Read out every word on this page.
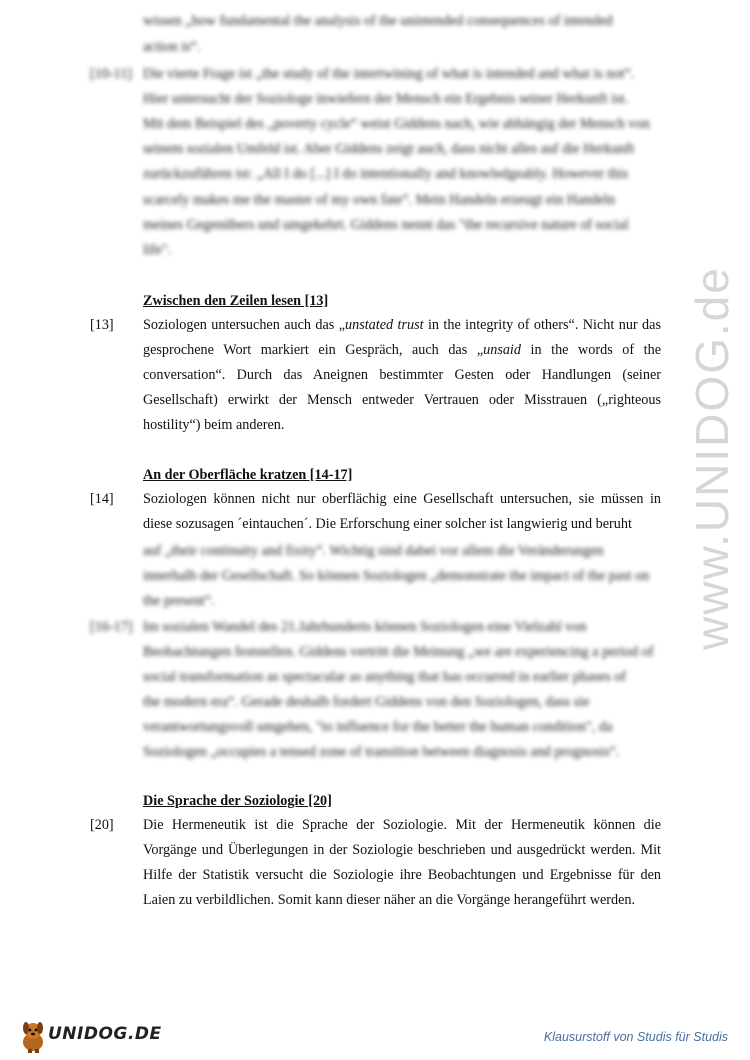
wissen „how fundamental the analysis of the unintended consequences of intended
action is“.
[10-11] Die vierte Frage ist „the study of the intertwining of what is intended and what is not“.
Hier untersucht der Soziologe inwiefern der Mensch ein Ergebnis seiner Herkunft ist.
Mit dem Beispiel des „poverty cycle“ weist Giddens nach, wie abhängig der Mensch von
seinem sozialen Umfeld ist. Aber Giddens zeigt auch, dass nicht alles auf die Herkunft
zurückzuführen ist: „All I do [...] I do intentionally and knowledgeably. However this
scarcely makes me the master of my own fate“. Mein Handeln erzeugt ein Handeln
meines Gegenübers und umgekehrt. Giddens nennt das "the recursive nature of social
life".
Zwischen den Zeilen lesen [13]
[13] Soziologen untersuchen auch das „unstated trust in the integrity of others“. Nicht nur das gesprochene Wort markiert ein Gespräch, auch das „unsaid in the words of the conversation“. Durch das Aneignen bestimmter Gesten oder Handlungen (seiner Gesellschaft) erwirkt der Mensch entweder Vertrauen oder Misstrauen („righteous hostility“) beim anderen.
An der Oberfläche kratzen [14-17]
[14] Soziologen können nicht nur oberflächig eine Gesellschaft untersuchen, sie müssen in diese sozusagen ´eintauchen´. Die Erforschung einer solcher ist langwierig und beruht
auf „their continuity and fixity“. Wichtig sind dabei vor allem die Veränderungen
innerhalb der Gesellschaft. So können Soziologen „demonstrate the impact of the past on
the present“.
[16-17] Im sozialen Wandel des 21.Jahrhunderts können Soziologen eine Vielzahl von
Beobachtungen feststellen. Giddens vertritt die Meinung „we are experiencing a period of
social transformation as spectacular as anything that has occurred in earlier phases of
the modern era“. Gerade deshalb fordert Giddens von den Soziologen, dass sie
verantwortungsvoll umgehen, "to influence for the better the human condition", da
Soziologen „occupies a tensed zone of transition between diagnosis and prognosis“.
Die Sprache der Soziologie [20]
[20] Die Hermeneutik ist die Sprache der Soziologie. Mit der Hermeneutik können die Vorgänge und Überlegungen in der Soziologie beschrieben und ausgedrückt werden. Mit Hilfe der Statistik versucht die Soziologie ihre Beobachtungen und Ergebnisse für den Laien zu verbildlichen. Somit kann dieser näher an die Vorgänge herangeführt werden.
www.UNIDOG.de
UNIDOG.DE	Klausurstoff von Studis für Studis
